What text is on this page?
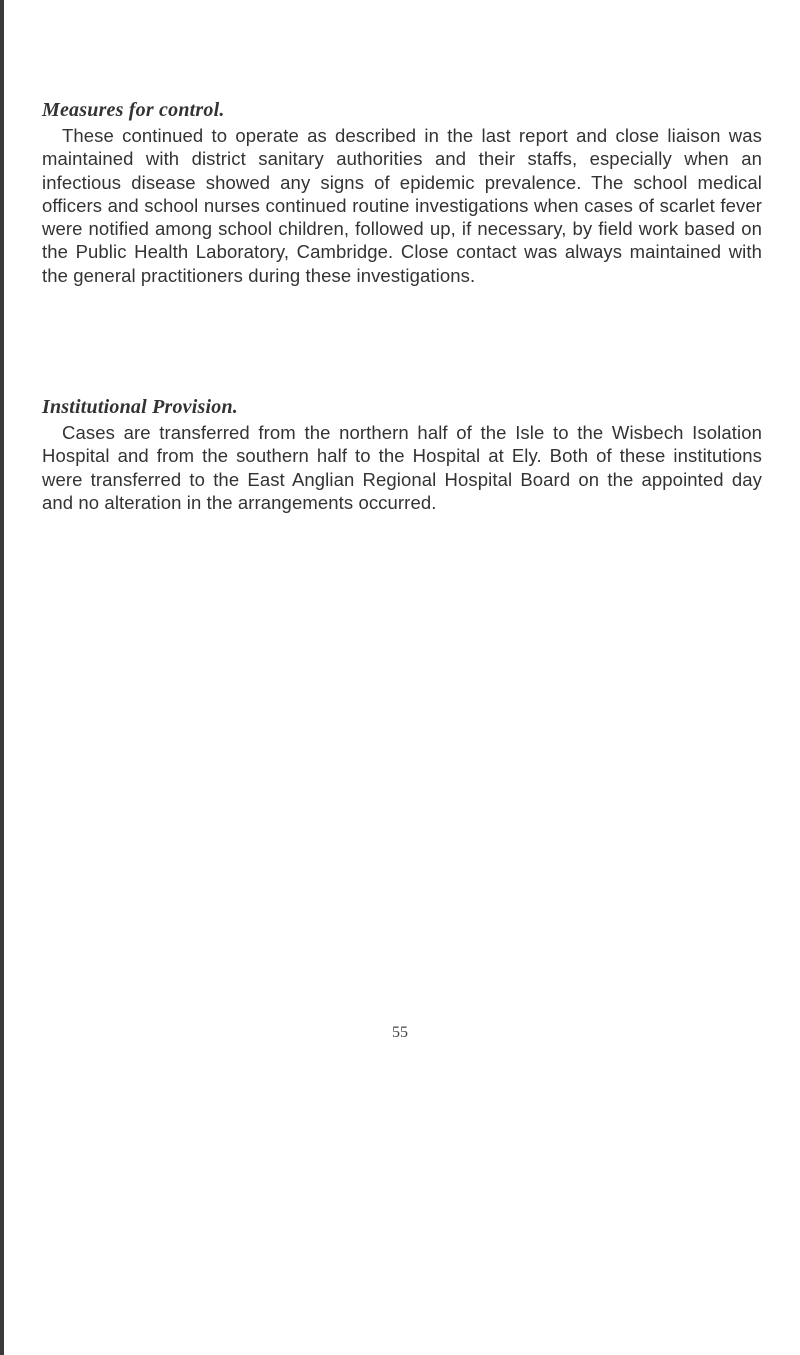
Measures for control.

These continued to operate as described in the last report and close liaison was maintained with district sanitary authorities and their staffs, especially when an infectious disease showed any signs of epidemic prevalence. The school medical officers and school nurses continued routine investigations when cases of scarlet fever were notified among school children, followed up, if necessary, by field work based on the Public Health Laboratory, Cambridge. Close contact was always maintained with the general practitioners during these investigations.

Institutional Provision.

Cases are transferred from the northern half of the Isle to the Wisbech Isolation Hospital and from the southern half to the Hospital at Ely. Both of these institutions were transferred to the East Anglian Regional Hospital Board on the appointed day and no alteration in the arrangements occurred.

55
